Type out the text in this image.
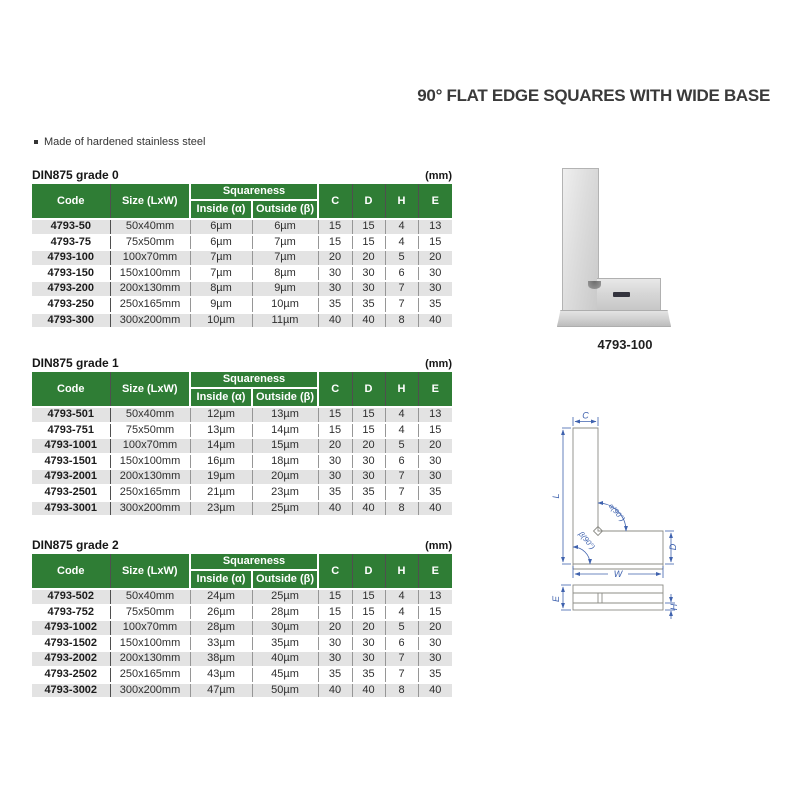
90° FLAT EDGE SQUARES WITH WIDE BASE
Made of hardened stainless steel
DIN875 grade 0	(mm)
Code	Size (LxW)	Squareness		C	D	H	E
		Inside (α)	Outside (β)				
4793-50	50x40mm	6µm	6µm	15	15	4	13
4793-75	75x50mm	6µm	7µm	15	15	4	15
4793-100	100x70mm	7µm	7µm	20	20	5	20
4793-150	150x100mm	7µm	8µm	30	30	6	30
4793-200	200x130mm	8µm	9µm	30	30	7	30
4793-250	250x165mm	9µm	10µm	35	35	7	35
4793-300	300x200mm	10µm	11µm	40	40	8	40
DIN875 grade 1	(mm)
Code	Size (LxW)	Squareness		C	D	H	E
		Inside (α)	Outside (β)				
4793-501	50x40mm	12µm	13µm	15	15	4	13
4793-751	75x50mm	13µm	14µm	15	15	4	15
4793-1001	100x70mm	14µm	15µm	20	20	5	20
4793-1501	150x100mm	16µm	18µm	30	30	6	30
4793-2001	200x130mm	19µm	20µm	30	30	7	30
4793-2501	250x165mm	21µm	23µm	35	35	7	35
4793-3001	300x200mm	23µm	25µm	40	40	8	40
DIN875 grade 2	(mm)
Code	Size (LxW)	Squareness		C	D	H	E
		Inside (α)	Outside (β)				
4793-502	50x40mm	24µm	25µm	15	15	4	13
4793-752	75x50mm	26µm	28µm	15	15	4	15
4793-1002	100x70mm	28µm	30µm	20	20	5	20
4793-1502	150x100mm	33µm	35µm	30	30	6	30
4793-2002	200x130mm	38µm	40µm	30	30	7	30
4793-2502	250x165mm	43µm	45µm	35	35	7	35
4793-3002	300x200mm	47µm	50µm	40	40	8	40
4793-100
C
L
α(90°)
β(90°)	D
W
E
H
